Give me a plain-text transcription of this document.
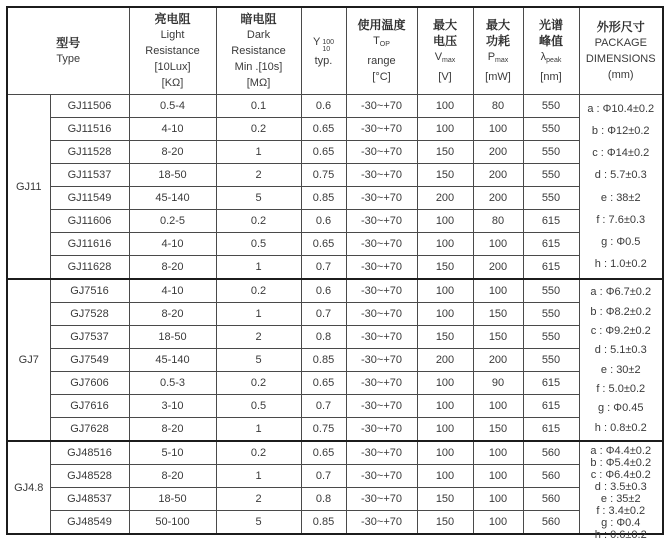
型号
Type

亮电阻
Light
Resistance
[10Lux]
[KΩ]

暗电阻
Dark
Resistance
Min .[10s]
[MΩ]

Y 100
10
typ.

使用温度
$T_{OP}$
range
[°C]

最大
电压
$V_{max}$
[V]

最大
功耗
$P_{max}$
[mW]

光谱
峰值
$\lambda_{peak}$
[nm]

外形尺寸
PACKAGE
DIMENSIONS
(mm)

GJ11	GJ11506	0.5-4	0.1	0.6	-30~+70	100	80	550	a : Φ10.4±0.2
b : Φ12±0.2
c : Φ14±0.2
d : 5.7±0.3
e : 38±2
f : 7.6±0.3
g : Φ0.5
h : 1.0±0.2

	GJ11516	4-10	0.2	0.65	-30~+70	100	100	550	
	GJ11528	8-20	1	0.65	-30~+70	150	200	550	
	GJ11537	18-50	2	0.75	-30~+70	150	200	550	
	GJ11549	45-140	5	0.85	-30~+70	200	200	550	
	GJ11606	0.2-5	0.2	0.6	-30~+70	100	80	615	
	GJ11616	4-10	0.5	0.65	-30~+70	100	100	615	
	GJ11628	8-20	1	0.7	-30~+70	150	200	615	
GJ7	GJ7516	4-10	0.2	0.6	-30~+70	100	100	550	a : Φ6.7±0.2
b : Φ8.2±0.2
c : Φ9.2±0.2
d : 5.1±0.3
e : 30±2
f : 5.0±0.2
g : Φ0.45
h : 0.8±0.2

	GJ7528	8-20	1	0.7	-30~+70	100	150	550	
	GJ7537	18-50	2	0.8	-30~+70	150	150	550	
	GJ7549	45-140	5	0.85	-30~+70	200	200	550	
	GJ7606	0.5-3	0.2	0.65	-30~+70	100	90	615	
	GJ7616	3-10	0.5	0.7	-30~+70	100	100	615	
	GJ7628	8-20	1	0.75	-30~+70	100	150	615	
GJ4.8	GJ48516	5-10	0.2	0.65	-30~+70	100	100	560	a : Φ4.4±0.2
b : Φ5.4±0.2
c : Φ6.4±0.2
d : 3.5±0.3
e : 35±2
f : 3.4±0.2
g : Φ0.4
h : 0.6±0.2

	GJ48528	8-20	1	0.7	-30~+70	100	100	560	
	GJ48537	18-50	2	0.8	-30~+70	150	100	560	
	GJ48549	50-100	5	0.85	-30~+70	150	100	560	
